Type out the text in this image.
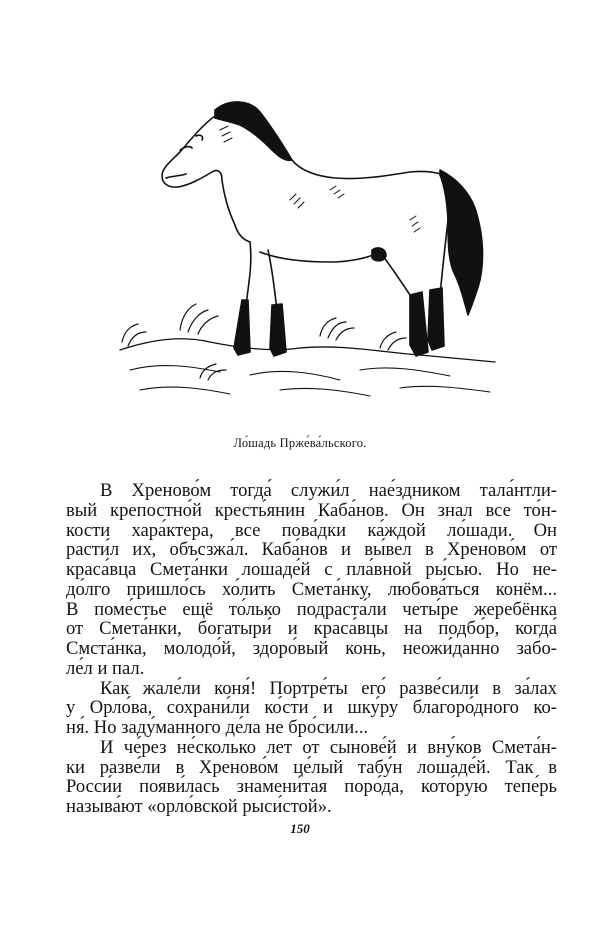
Ло́шадь Прже́ва́льского.
В Хреново́м тогда́ служи́л нае́здником тала́нтли-
вый крепостно́й кресть́янин Каба́нов. Он знал все то́н-
кости хара́ктера, все пова́дки ка́ждой ло́шади. Он
расти́л их, объсзжа́л. Каба́нов и вы́вел в Хреново́м от
краса́вца Смета́нки лошаде́й с пла́вной ры́сью. Но не-
до́лго пришло́сь хо́лить Смета́нку, любова́ться конём...
В поме́стье ещё то́лько подраста́ли четы́ре жеребёнка
от Смета́нки, богатыри́ и краса́вцы на подбо́р, когда́
Смста́нка, молодо́й, здоро́вый конь, неожи́данно забо-
ле́л и пал.
Как жале́ли коня́! Портре́ты его́ разве́сили в за́лах
у Орло́ва, сохрани́ли ко́сти и шку́ру благоро́дного ко-
ня́. Но заду́манного де́ла не бро́сили...
И че́рез не́сколько лет от сынове́й и вну́ков Смета́н-
ки разве́ли в Хреново́м це́лый табу́н лошаде́й. Так в
Росси́и появи́лась знамени́тая поро́да, кото́рую тепе́рь
называ́ют «орло́вской рыси́стой».
150
